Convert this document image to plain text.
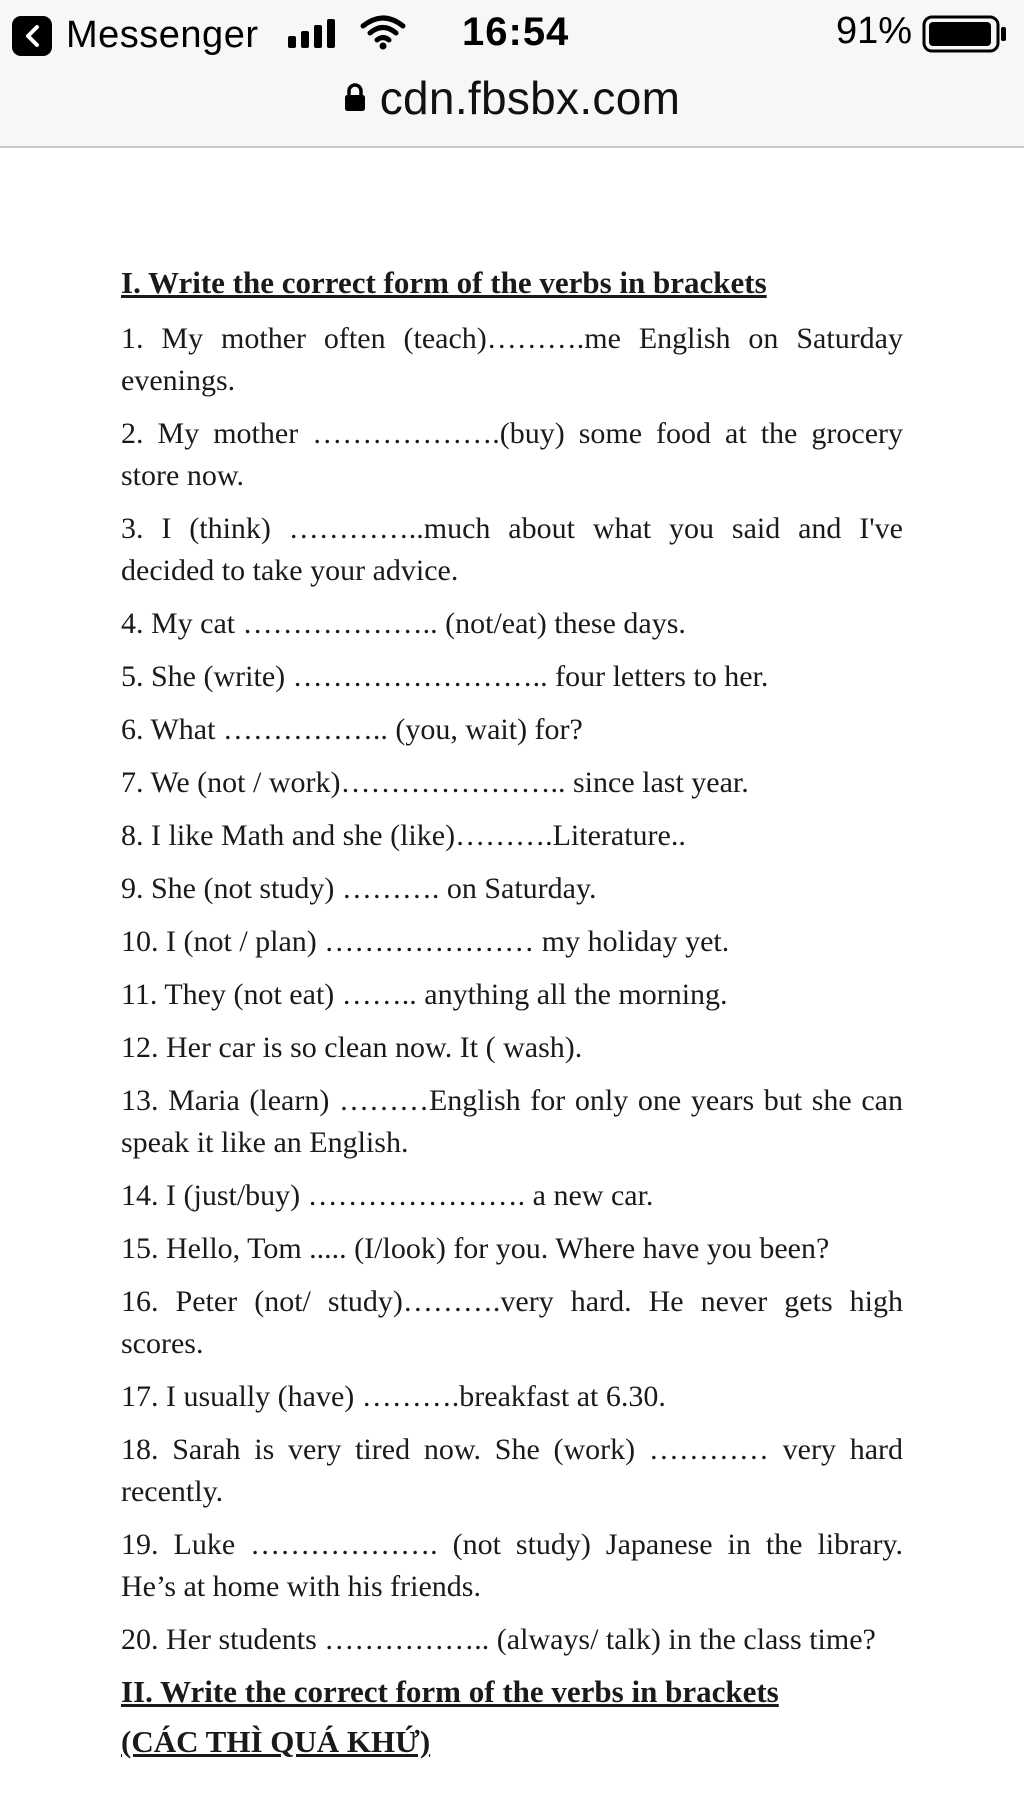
Messenger	16:54	91%
cdn.fbsbx.com
I. Write the correct form of the verbs in brackets
1. My mother often (teach)……….me English on Saturday evenings.
2. My mother ……………….(buy) some food at the grocery store now.
3. I (think) …………..much about what you said and I've decided to take your advice.
4. My cat ……………….. (not/eat) these days.
5. She (write) …………………….. four letters to her.
6. What …………….. (you, wait) for?
7. We (not / work)………………….. since last year.
8. I like Math and she (like)……….Literature..
9. She (not study) ………. on Saturday.
10. I (not / plan) ………………… my holiday yet.
11. They (not eat) …….. anything all the morning.
12. Her car is so clean now. It ( wash).
13. Maria (learn) ………English for only one years but she can speak it like an English.
14. I (just/buy) …………………. a new car.
15. Hello, Tom ..... (I/look) for you. Where have you been?
16. Peter (not/ study)……….very hard. He never gets high scores.
17. I usually (have) ……….breakfast at 6.30.
18. Sarah is very tired now. She (work) ………… very hard recently.
19. Luke ………………. (not study) Japanese in the library. He’s at home with his friends.
20. Her students …………….. (always/ talk) in the class time?
II. Write the correct form of the verbs in brackets
(CÁC THÌ QUÁ KHỨ)
